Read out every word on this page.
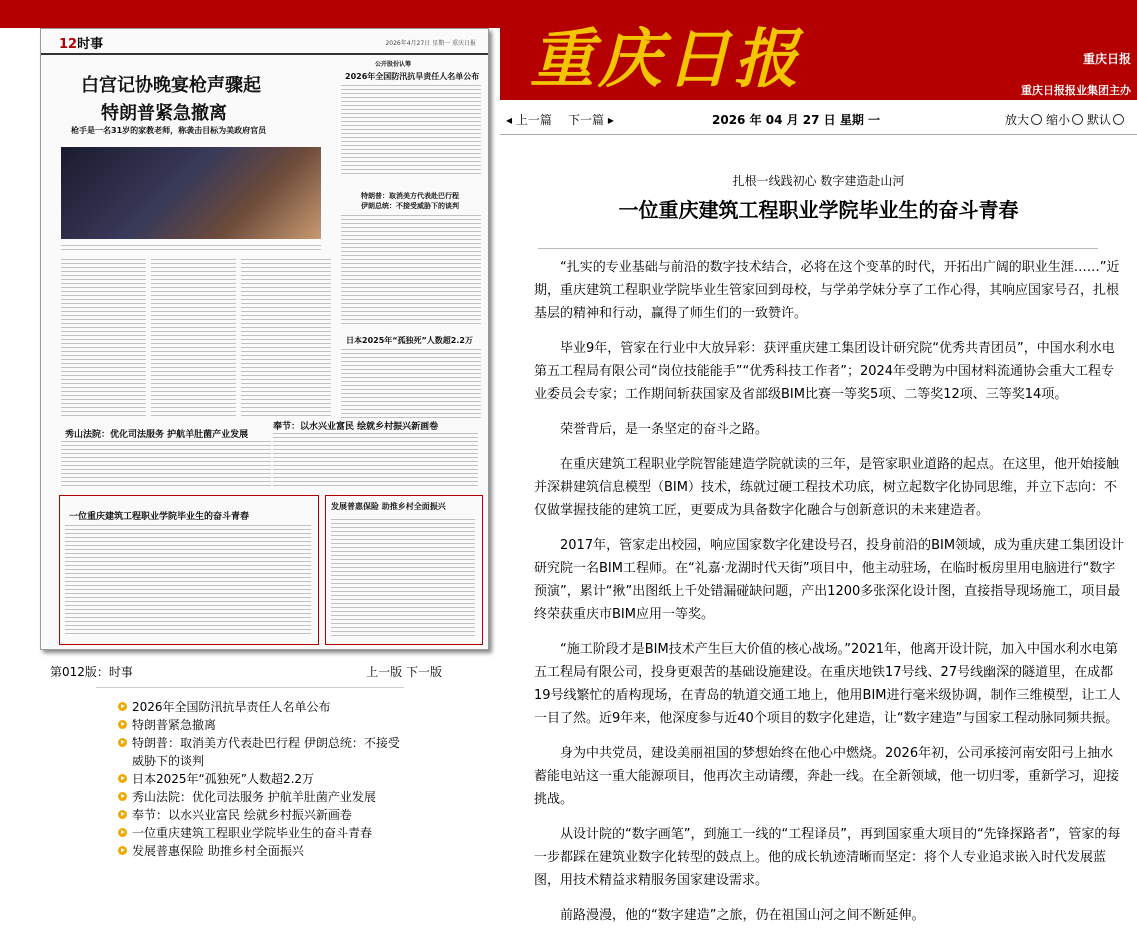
12时事	2026年4月27日 星期一 重庆日报
白宫记协晚宴枪声骤起
特朗普紧急撤离
枪手是一名31岁的家教老师，称袭击目标为美政府官员
公开股份认筹
2026年全国防汛抗旱责任人名单公布
特朗普：取消美方代表赴巴行程
伊朗总统：不接受威胁下的谈判
日本2025年“孤独死”人数超2.2万
秀山法院：优化司法服务 护航羊肚菌产业发展
奉节：以水兴业富民 绘就乡村振兴新画卷
一位重庆建筑工程职业学院毕业生的奋斗青春
发展普惠保险 助推乡村全面振兴
第012版：时事	上一版 下一版
2026年全国防汛抗旱责任人名单公布
特朗普紧急撤离
特朗普：取消美方代表赴巴行程 伊朗总统：不接受威胁下的谈判
日本2025年“孤独死”人数超2.2万
秀山法院：优化司法服务 护航羊肚菌产业发展
奉节：以水兴业富民 绘就乡村振兴新画卷
一位重庆建筑工程职业学院毕业生的奋斗青春
发展普惠保险 助推乡村全面振兴
重庆日报	重庆日报
重庆日报报业集团主办
◂ 上一篇 下一篇 ▸	2026 年 04 月 27 日 星期 一	放大 缩小 默认
扎根一线践初心 数字建造赴山河
一位重庆建筑工程职业学院毕业生的奋斗青春

“扎实的专业基础与前沿的数字技术结合，必将在这个变革的时代，开拓出广阔的职业生涯……”近期，重庆建筑工程职业学院毕业生管家回到母校，与学弟学妹分享了工作心得，其响应国家号召，扎根基层的精神和行动，赢得了师生们的一致赞许。

毕业9年，管家在行业中大放异彩：获评重庆建工集团设计研究院“优秀共青团员”，中国水利水电第五工程局有限公司“岗位技能能手”“优秀科技工作者”；2024年受聘为中国材料流通协会重大工程专业委员会专家；工作期间斩获国家及省部级BIM比赛一等奖5项、二等奖12项、三等奖14项。

荣誉背后，是一条坚定的奋斗之路。

在重庆建筑工程职业学院智能建造学院就读的三年，是管家职业道路的起点。在这里，他开始接触并深耕建筑信息模型（BIM）技术，练就过硬工程技术功底，树立起数字化协同思维，并立下志向：不仅做掌握技能的建筑工匠，更要成为具备数字化融合与创新意识的未来建造者。

2017年，管家走出校园，响应国家数字化建设号召，投身前沿的BIM领域，成为重庆建工集团设计研究院一名BIM工程师。在“礼嘉·龙湖时代天街”项目中，他主动驻场，在临时板房里用电脑进行“数字预演”，累计“揪”出图纸上千处错漏碰缺问题，产出1200多张深化设计图，直接指导现场施工，项目最终荣获重庆市BIM应用一等奖。

“施工阶段才是BIM技术产生巨大价值的核心战场。”2021年，他离开设计院，加入中国水利水电第五工程局有限公司，投身更艰苦的基础设施建设。在重庆地铁17号线、27号线幽深的隧道里，在成都19号线繁忙的盾构现场，在青岛的轨道交通工地上，他用BIM进行毫米级协调，制作三维模型，让工人一目了然。近9年来，他深度参与近40个项目的数字化建造，让“数字建造”与国家工程动脉同频共振。

身为中共党员，建设美丽祖国的梦想始终在他心中燃烧。2026年初，公司承接河南安阳弓上抽水蓄能电站这一重大能源项目，他再次主动请缨，奔赴一线。在全新领域，他一切归零，重新学习，迎接挑战。

从设计院的“数字画笔”，到施工一线的“工程译员”，再到国家重大项目的“先锋探路者”，管家的每一步都踩在建筑业数字化转型的鼓点上。他的成长轨迹清晰而坚定：将个人专业追求嵌入时代发展蓝图，用技术精益求精服务国家建设需求。

前路漫漫，他的“数字建造”之旅，仍在祖国山河之间不断延伸。
